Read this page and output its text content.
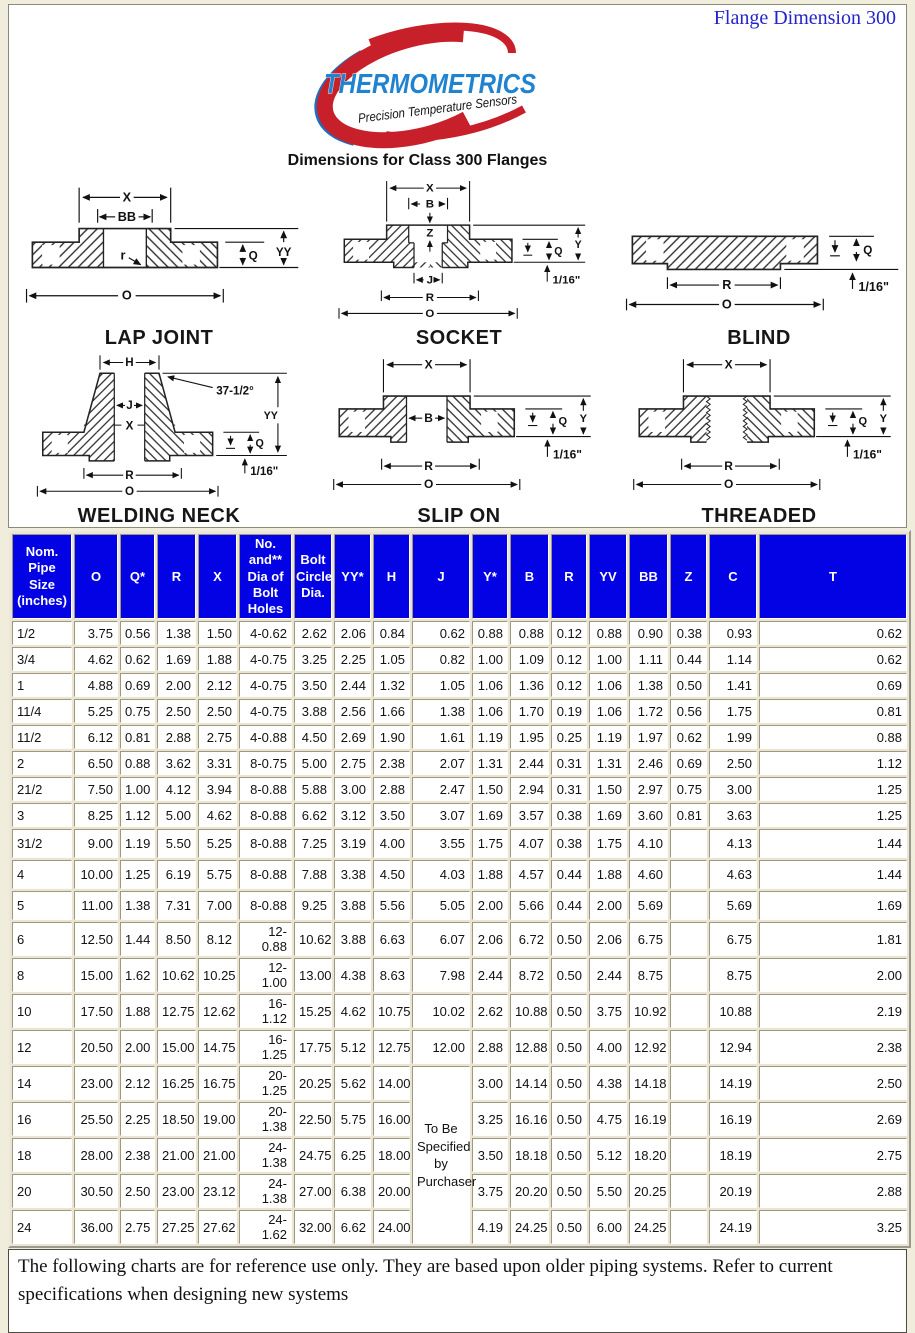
Flange Dimension 300
THERMOMETRICS
Precision Temperature Sensors
Dimensions for Class 300 Flanges
X
BB
r	Q YY
O
LAP JOINT
X
B
Z
J
R
O
Q
Y
1/16"
SOCKET
Q
1/16"
R
O
BLIND
H
37-1/2°
J
X
R
O
YY
Q
1/16"
WELDING NECK
X
B
R
O
Q Y
1/16"
SLIP ON
X
R
O
Q Y
1/16"
THREADED
Nom. Pipe Size (inches)	O	Q*	R	X	No. and** Dia of Bolt Holes	Bolt Circle Dia.	YY*	H	J	Y*	B	R	YV	BB	Z	C	T
1/2	3.75	0.56	1.38	1.50	4-0.62	2.62	2.06	0.84	0.62	0.88	0.88	0.12	0.88	0.90	0.38	0.93	0.62
3/4	4.62	0.62	1.69	1.88	4-0.75	3.25	2.25	1.05	0.82	1.00	1.09	0.12	1.00	1.11	0.44	1.14	0.62
1	4.88	0.69	2.00	2.12	4-0.75	3.50	2.44	1.32	1.05	1.06	1.36	0.12	1.06	1.38	0.50	1.41	0.69
11/4	5.25	0.75	2.50	2.50	4-0.75	3.88	2.56	1.66	1.38	1.06	1.70	0.19	1.06	1.72	0.56	1.75	0.81
11/2	6.12	0.81	2.88	2.75	4-0.88	4.50	2.69	1.90	1.61	1.19	1.95	0.25	1.19	1.97	0.62	1.99	0.88
2	6.50	0.88	3.62	3.31	8-0.75	5.00	2.75	2.38	2.07	1.31	2.44	0.31	1.31	2.46	0.69	2.50	1.12
21/2	7.50	1.00	4.12	3.94	8-0.88	5.88	3.00	2.88	2.47	1.50	2.94	0.31	1.50	2.97	0.75	3.00	1.25
3	8.25	1.12	5.00	4.62	8-0.88	6.62	3.12	3.50	3.07	1.69	3.57	0.38	1.69	3.60	0.81	3.63	1.25
31/2	9.00	1.19	5.50	5.25	8-0.88	7.25	3.19	4.00	3.55	1.75	4.07	0.38	1.75	4.10		4.13	1.44
4	10.00	1.25	6.19	5.75	8-0.88	7.88	3.38	4.50	4.03	1.88	4.57	0.44	1.88	4.60		4.63	1.44
5	11.00	1.38	7.31	7.00	8-0.88	9.25	3.88	5.56	5.05	2.00	5.66	0.44	2.00	5.69		5.69	1.69
6	12.50	1.44	8.50	8.12	12-0.88	10.62	3.88	6.63	6.07	2.06	6.72	0.50	2.06	6.75		6.75	1.81
8	15.00	1.62	10.62	10.25	12-1.00	13.00	4.38	8.63	7.98	2.44	8.72	0.50	2.44	8.75		8.75	2.00
10	17.50	1.88	12.75	12.62	16-1.12	15.25	4.62	10.75	10.02	2.62	10.88	0.50	3.75	10.92		10.88	2.19
12	20.50	2.00	15.00	14.75	16-1.25	17.75	5.12	12.75	12.00	2.88	12.88	0.50	4.00	12.92		12.94	2.38
14	23.00	2.12	16.25	16.75	20-1.25	20.25	5.62	14.00	To Be Specified by Purchaser	3.00	14.14	0.50	4.38	14.18		14.19	2.50
16	25.50	2.25	18.50	19.00	20-1.38	22.50	5.75	16.00		3.25	16.16	0.50	4.75	16.19		16.19	2.69
18	28.00	2.38	21.00	21.00	24-1.38	24.75	6.25	18.00		3.50	18.18	0.50	5.12	18.20		18.19	2.75
20	30.50	2.50	23.00	23.12	24-1.38	27.00	6.38	20.00		3.75	20.20	0.50	5.50	20.25		20.19	2.88
24	36.00	2.75	27.25	27.62	24-1.62	32.00	6.62	24.00		4.19	24.25	0.50	6.00	24.25		24.19	3.25

The following charts are for reference use only. They are based upon older piping systems. Refer to current specifications when designing new systems
